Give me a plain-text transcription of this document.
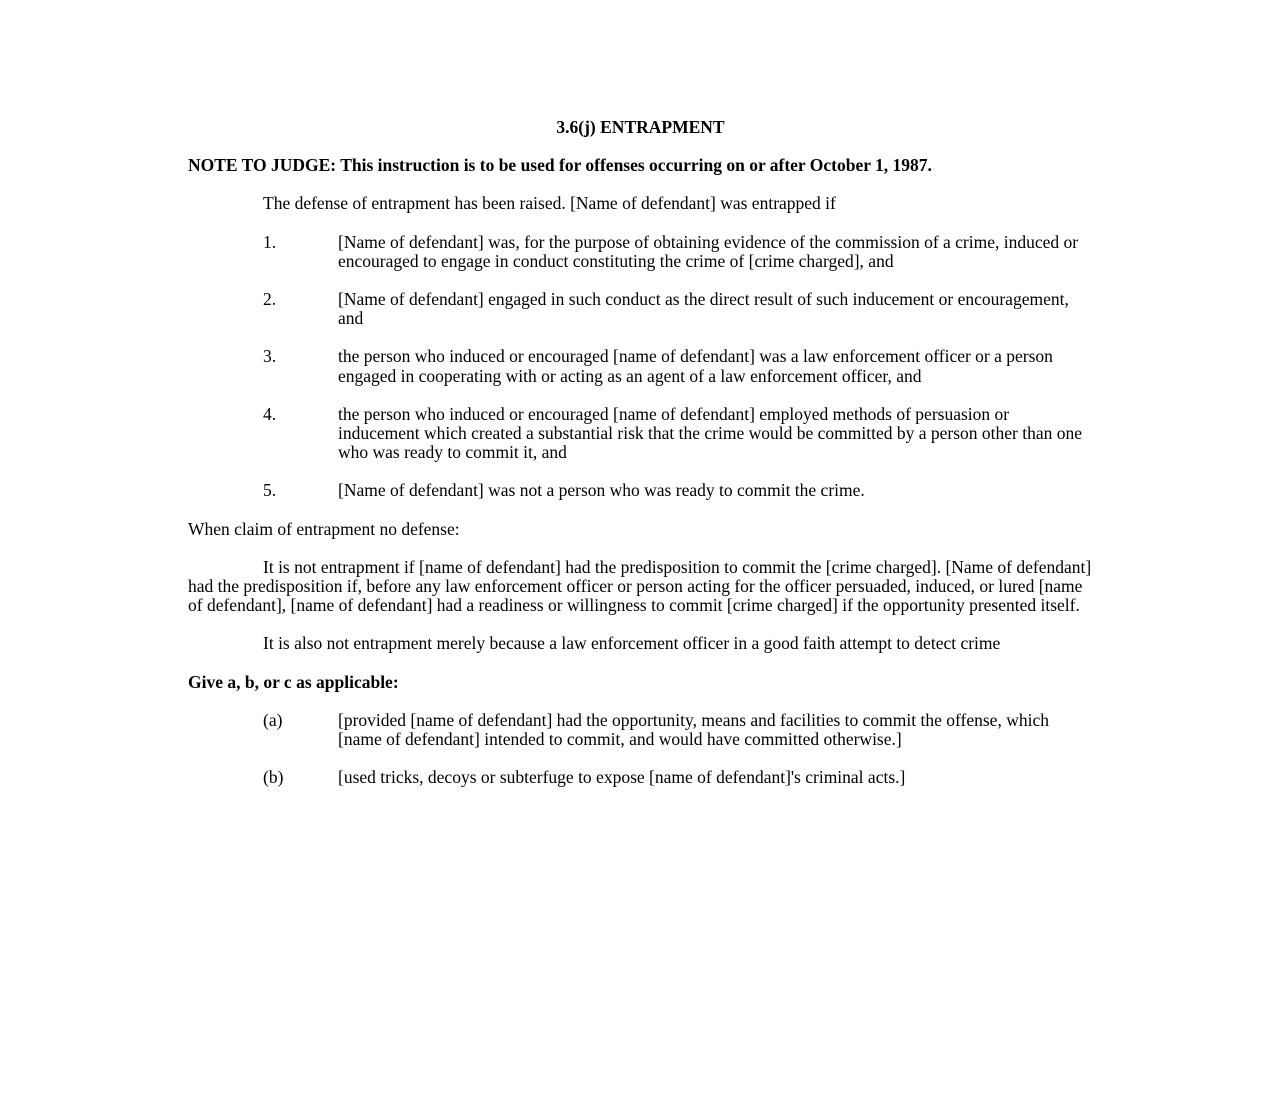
3.6(j) ENTRAPMENT
NOTE TO JUDGE: This instruction is to be used for offenses occurring on or after October 1, 1987.
The defense of entrapment has been raised. [Name of defendant] was entrapped if
1.	[Name of defendant] was, for the purpose of obtaining evidence of the commission of a crime, induced or encouraged to engage in conduct constituting the crime of [crime charged], and
2.	[Name of defendant] engaged in such conduct as the direct result of such inducement or encouragement, and
3.	the person who induced or encouraged [name of defendant] was a law enforcement officer or a person engaged in cooperating with or acting as an agent of a law enforcement officer, and
4.	the person who induced or encouraged [name of defendant] employed methods of persuasion or inducement which created a substantial risk that the crime would be committed by a person other than one who was ready to commit it, and
5.	[Name of defendant] was not a person who was ready to commit the crime.
When claim of entrapment no defense:
It is not entrapment if [name of defendant] had the predisposition to commit the [crime charged]. [Name of defendant] had the predisposition if, before any law enforcement officer or person acting for the officer persuaded, induced, or lured [name of defendant], [name of defendant] had a readiness or willingness to commit [crime charged] if the opportunity presented itself.
It is also not entrapment merely because a law enforcement officer in a good faith attempt to detect crime
Give a, b, or c as applicable:
(a)	[provided [name of defendant] had the opportunity, means and facilities to commit the offense, which [name of defendant] intended to commit, and would have committed otherwise.]
(b)	[used tricks, decoys or subterfuge to expose [name of defendant]'s criminal acts.]
